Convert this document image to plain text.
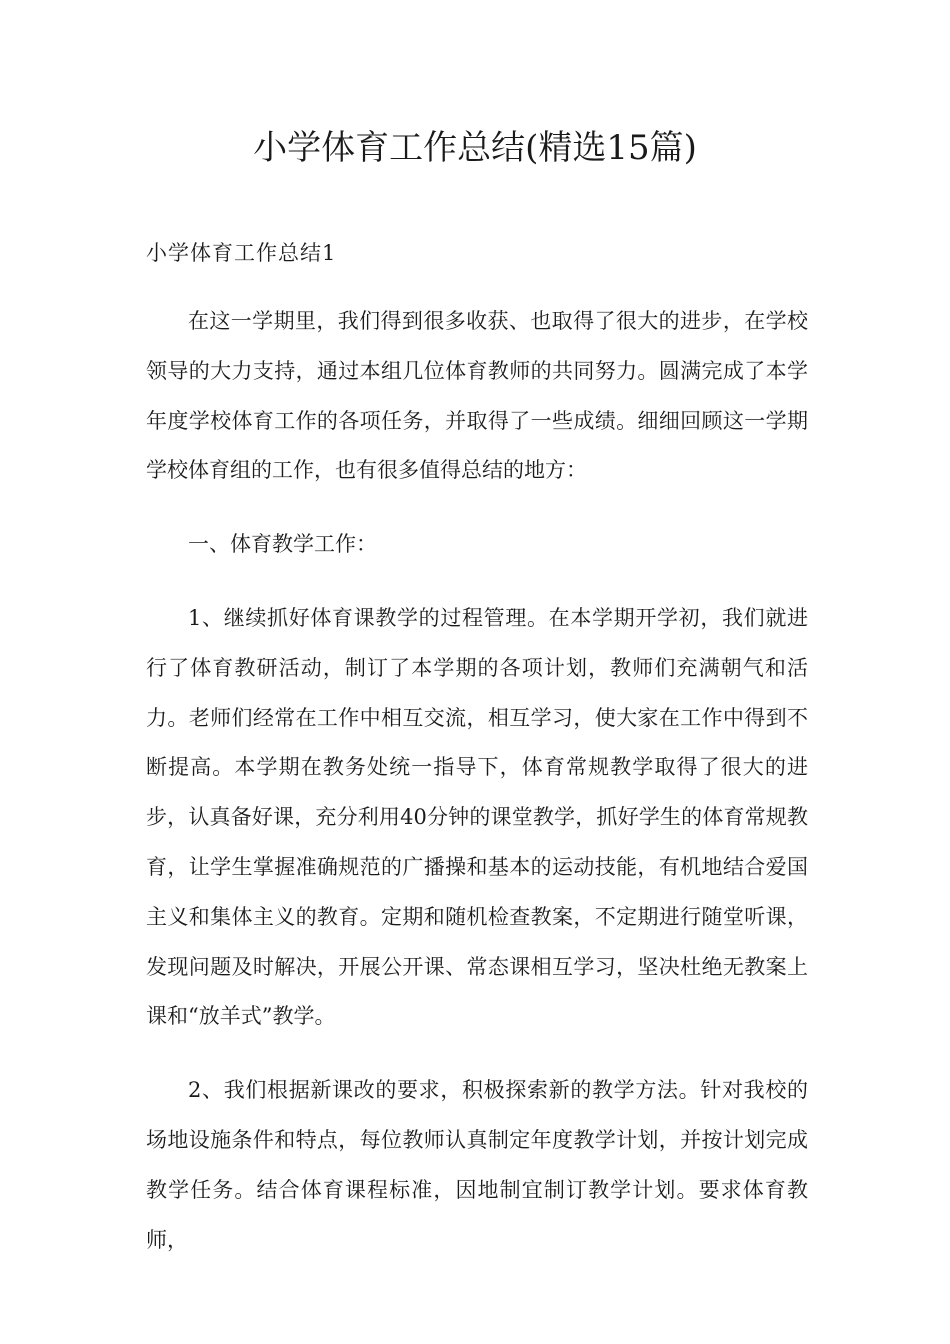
小学体育工作总结(精选15篇)
小学体育工作总结1

在这一学期里，我们得到很多收获、也取得了很大的进步，在学校领导的大力支持，通过本组几位体育教师的共同努力。圆满完成了本学年度学校体育工作的各项任务，并取得了一些成绩。细细回顾这一学期学校体育组的工作，也有很多值得总结的地方：

一、体育教学工作：

1、继续抓好体育课教学的过程管理。在本学期开学初，我们就进行了体育教研活动，制订了本学期的各项计划，教师们充满朝气和活力。老师们经常在工作中相互交流，相互学习，使大家在工作中得到不断提高。本学期在教务处统一指导下，体育常规教学取得了很大的进步，认真备好课，充分利用40分钟的课堂教学，抓好学生的体育常规教育，让学生掌握准确规范的广播操和基本的运动技能，有机地结合爱国主义和集体主义的教育。定期和随机检查教案，不定期进行随堂听课，发现问题及时解决，开展公开课、常态课相互学习，坚决杜绝无教案上课和“放羊式”教学。

2、我们根据新课改的要求，积极探索新的教学方法。针对我校的场地设施条件和特点，每位教师认真制定年度教学计划，并按计划完成教学任务。结合体育课程标准，因地制宜制订教学计划。要求体育教师，
